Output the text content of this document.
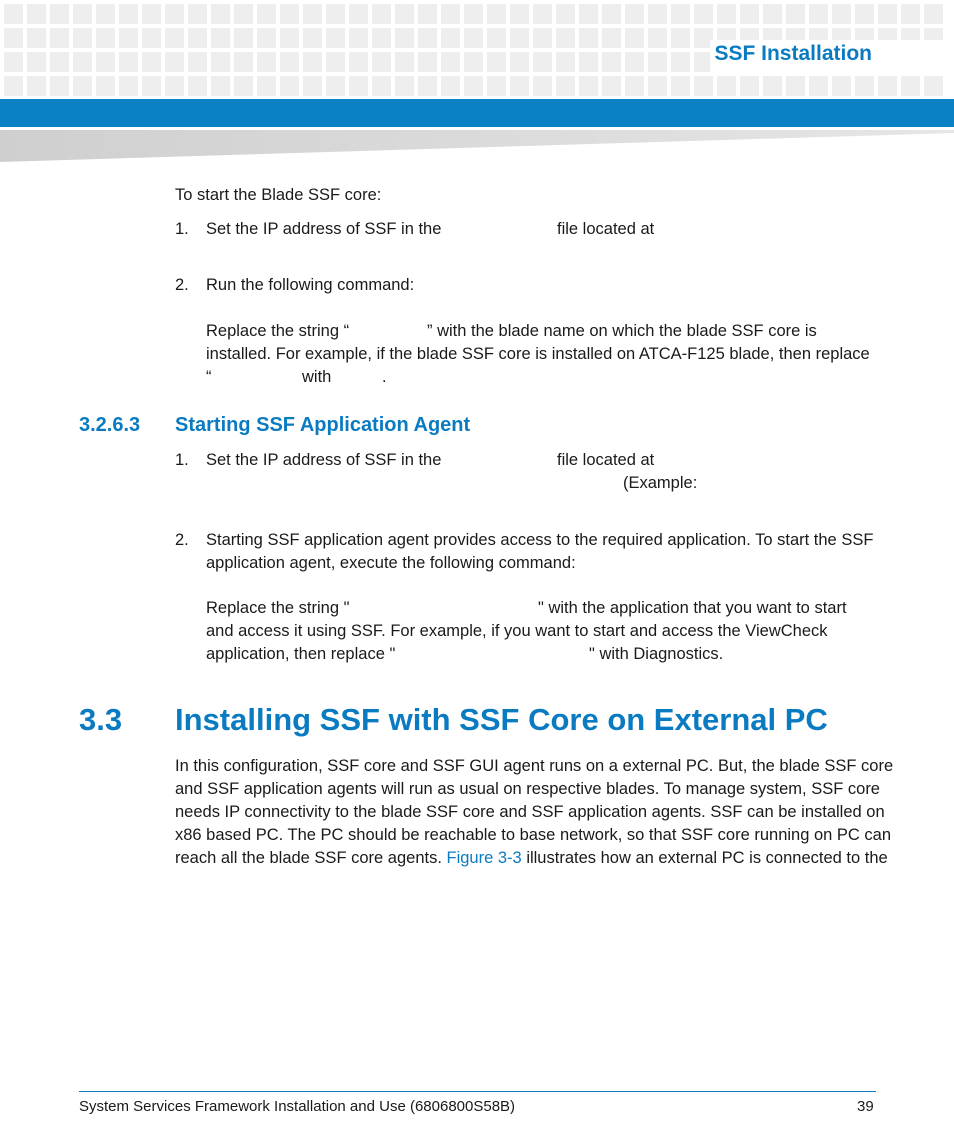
SSF Installation
To start the Blade SSF core:
1. Set the IP address of SSF in the	file located at
2. Run the following command:
Replace the string “	” with the blade name on which the blade SSF core is
installed. For example, if the blade SSF core is installed on ATCA-F125 blade, then replace
“	with	.
3.2.6.3 Starting SSF Application Agent
1. Set the IP address of SSF in the	file located at
(Example:
2. Starting SSF application agent provides access to the required application. To start the SSF
application agent, execute the following command:
Replace the string "	" with the application that you want to start
and access it using SSF. For example, if you want to start and access the ViewCheck
application, then replace "	" with Diagnostics.
3.3 Installing SSF with SSF Core on External PC
In this configuration, SSF core and SSF GUI agent runs on a external PC. But, the blade SSF core
and SSF application agents will run as usual on respective blades. To manage system, SSF core
needs IP connectivity to the blade SSF core and SSF application agents. SSF can be installed on
x86 based PC. The PC should be reachable to base network, so that SSF core running on PC can
reach all the blade SSF core agents. Figure 3-3 illustrates how an external PC is connected to the
System Services Framework Installation and Use (6806800S58B)	39
